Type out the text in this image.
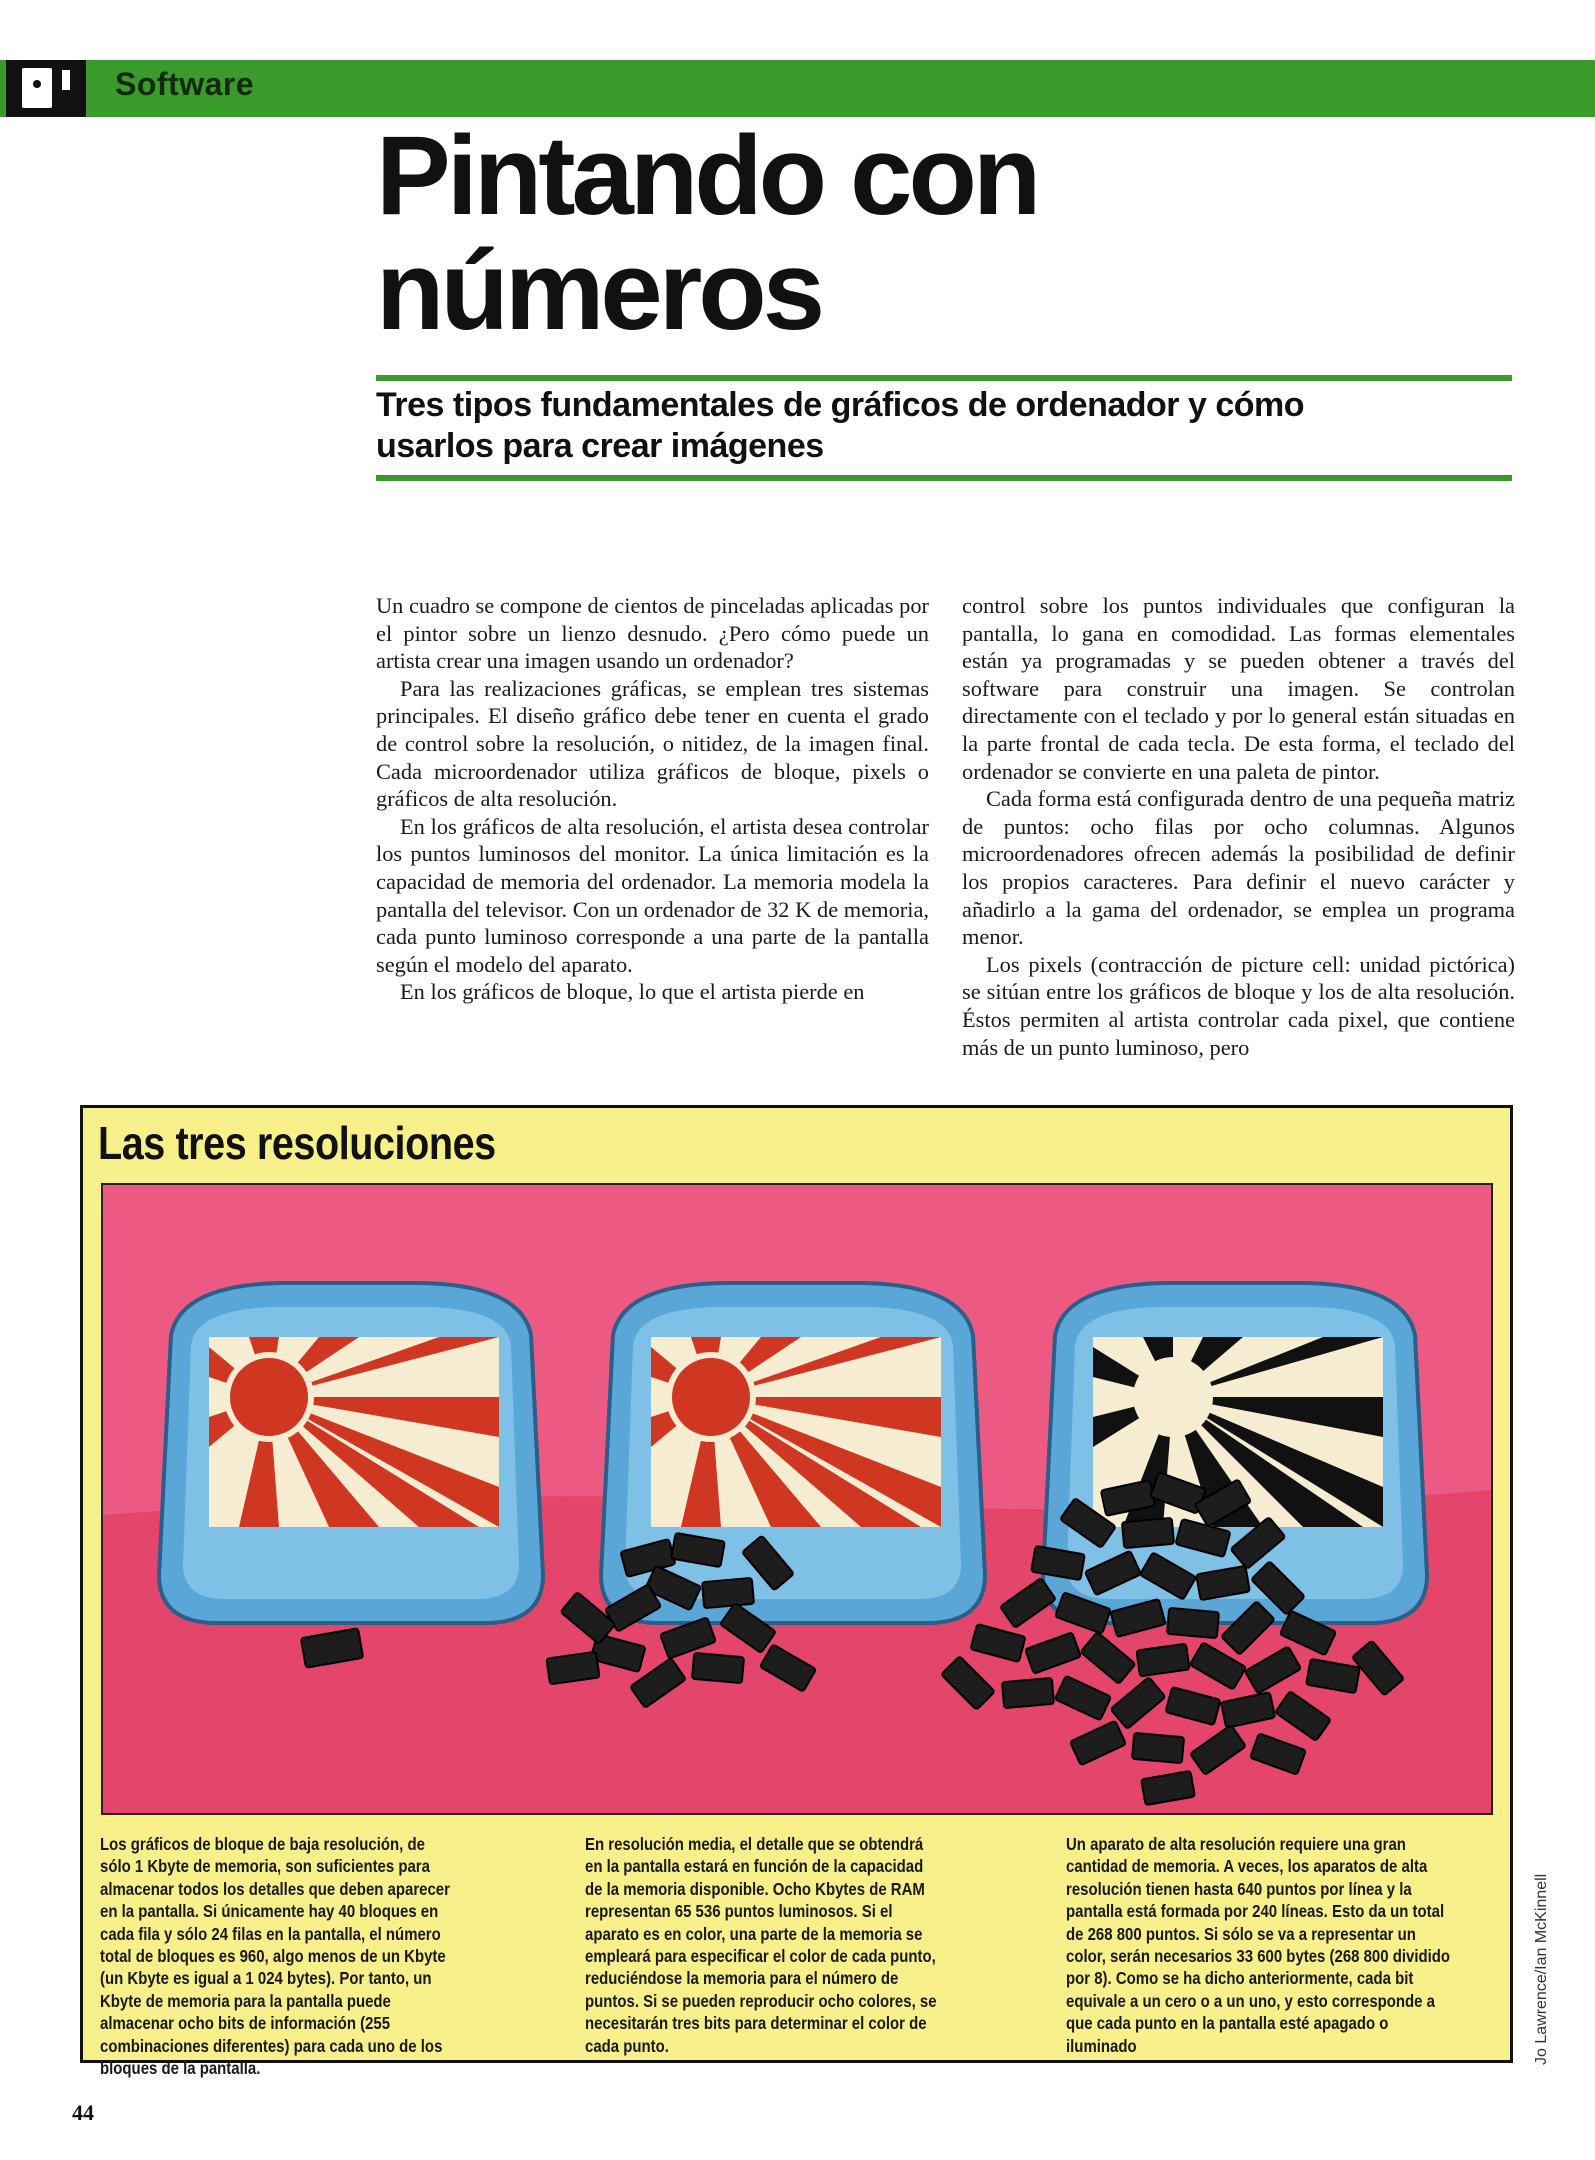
Software
Pintando con
números
Tres tipos fundamentales de gráficos de ordenador y cómo
usarlos para crear imágenes

Un cuadro se compone de cientos de pinceladas aplicadas por el pintor sobre un lienzo desnudo. ¿Pero cómo puede un artista crear una imagen usando un ordenador?

Para las realizaciones gráficas, se emplean tres sistemas principales. El diseño gráfico debe tener en cuenta el grado de control sobre la resolución, o nitidez, de la imagen final. Cada microordenador utiliza gráficos de bloque, pixels o gráficos de alta resolución.

En los gráficos de alta resolución, el artista desea controlar los puntos luminosos del monitor. La única limitación es la capacidad de memoria del ordenador. La memoria modela la pantalla del televisor. Con un ordenador de 32 K de memoria, cada punto luminoso corresponde a una parte de la pantalla según el modelo del aparato.

En los gráficos de bloque, lo que el artista pierde en

control sobre los puntos individuales que configuran la pantalla, lo gana en comodidad. Las formas elementales están ya programadas y se pueden obtener a través del software para construir una imagen. Se controlan directamente con el teclado y por lo general están situadas en la parte frontal de cada tecla. De esta forma, el teclado del ordenador se convierte en una paleta de pintor.

Cada forma está configurada dentro de una pequeña matriz de puntos: ocho filas por ocho columnas. Algunos microordenadores ofrecen además la posibilidad de definir los propios caracteres. Para definir el nuevo carácter y añadirlo a la gama del ordenador, se emplea un programa menor.

Los pixels (contracción de picture cell: unidad pictórica) se sitúan entre los gráficos de bloque y los de alta resolución. Éstos permiten al artista controlar cada pixel, que contiene más de un punto luminoso, pero

Las tres resoluciones
Los gráficos de bloque de baja resolución, de sólo 1 Kbyte de memoria, son suficientes para almacenar todos los detalles que deben aparecer en la pantalla. Si únicamente hay 40 bloques en cada fila y sólo 24 filas en la pantalla, el número total de bloques es 960, algo menos de un Kbyte (un Kbyte es igual a 1 024 bytes). Por tanto, un Kbyte de memoria para la pantalla puede almacenar ocho bits de información (255 combinaciones diferentes) para cada uno de los bloques de la pantalla.
En resolución media, el detalle que se obtendrá en la pantalla estará en función de la capacidad de la memoria disponible. Ocho Kbytes de RAM representan 65 536 puntos luminosos. Si el aparato es en color, una parte de la memoria se empleará para especificar el color de cada punto, reduciéndose la memoria para el número de puntos. Si se pueden reproducir ocho colores, se necesitarán tres bits para determinar el color de cada punto.
Un aparato de alta resolución requiere una gran cantidad de memoria. A veces, los aparatos de alta resolución tienen hasta 640 puntos por línea y la pantalla está formada por 240 líneas. Esto da un total de 268 800 puntos. Si sólo se va a representar un color, serán necesarios 33 600 bytes (268 800 dividido por 8). Como se ha dicho anteriormente, cada bit equivale a un cero o a un uno, y esto corresponde a que cada punto en la pantalla esté apagado o iluminado	Jo Lawrence/Ian McKinnell
44
